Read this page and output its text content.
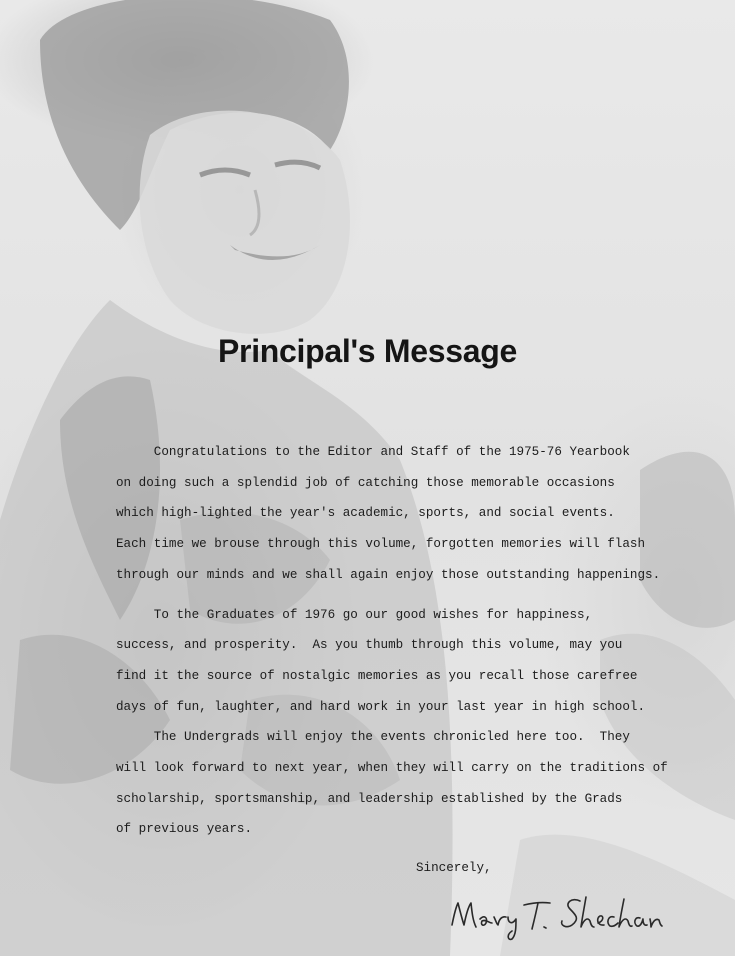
Principal's Message
Congratulations to the Editor and Staff of the 1975-76 Yearbook
on doing such a splendid job of catching those memorable occasions
which high-lighted the year's academic, sports, and social events.
Each time we brouse through this volume, forgotten memories will flash
through our minds and we shall again enjoy those outstanding happenings.
To the Graduates of 1976 go our good wishes for happiness,
success, and prosperity.  As you thumb through this volume, may you
find it the source of nostalgic memories as you recall those carefree
days of fun, laughter, and hard work in your last year in high school.
The Undergrads will enjoy the events chronicled here too.  They
will look forward to next year, when they will carry on the traditions of
scholarship, sportsmanship, and leadership established by the Grads
of previous years.
Sincerely,
